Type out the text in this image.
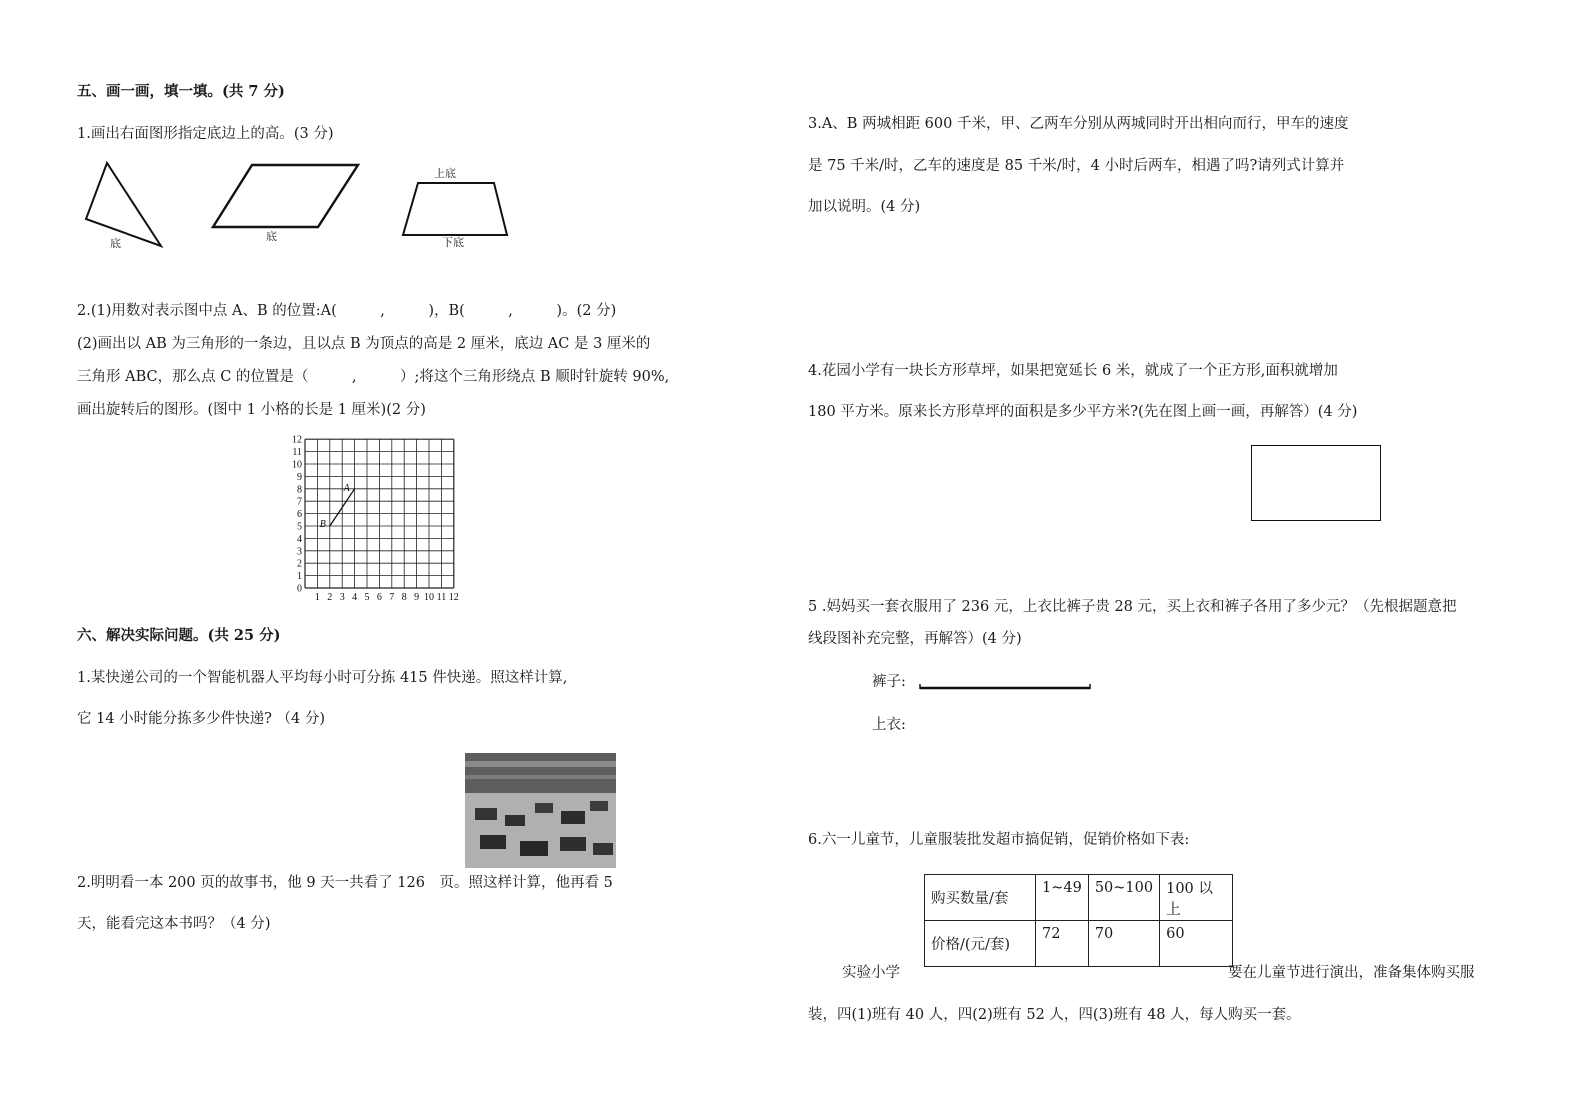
五、画一画，填一填。(共 7 分)
1.画出右面图形指定底边上的高。(3 分)
底
底
上底
下底
2.(1)用数对表示图中点 A、B 的位置:A(　　　,　　　)，B(　　　,　　　)。(2 分)
(2)画出以 AB 为三角形的一条边，且以点 B 为顶点的高是 2 厘米，底边 AC 是 3 厘米的
三角形 ABC，那么点 C 的位置是（　　　,　　　）;将这个三角形绕点 B 顺时针旋转 90%,
画出旋转后的图形。(图中 1 小格的长是 1 厘米)(2 分)
0
1
2
3
4
5
6
7
8
9
10
11
12
1 2 3 4 5 6 7 8 9 10 11 12
A
B
六、解决实际问题。(共 25 分)
1.某快递公司的一个智能机器人平均每小时可分拣 415 件快递。照这样计算,
它 14 小时能分拣多少件快递? （4 分)
2.明明看一本 200 页的故事书，他 9 天一共看了 126　页。照这样计算，他再看 5
天，能看完这本书吗？（4 分)
3.A、B 两城相距 600 千米，甲、乙两车分别从两城同时开出相向而行，甲车的速度
是 75 千米/时，乙车的速度是 85 千米/时，4 小时后两车，相遇了吗?请列式计算并
加以说明。(4 分)
4.花园小学有一块长方形草坪，如果把宽延长 6 米，就成了一个正方形,面积就增加
180 平方米。原来长方形草坪的面积是多少平方米?(先在图上画一画，再解答）(4 分)
5 .妈妈买一套衣服用了 236 元，上衣比裤子贵 28 元，买上衣和裤子各用了多少元？（先根据题意把
线段图补充完整，再解答）(4 分)
裤子:
上衣:
6.六一儿童节，儿童服装批发超市搞促销，促销价格如下表:
购买数量/套	1~49	50~100	100 以上
价格/(元/套)	72	70	60
实验小学	要在儿童节进行演出，准备集体购买服
装，四(1)班有 40 人，四(2)班有 52 人，四(3)班有 48 人，每人购买一套。
